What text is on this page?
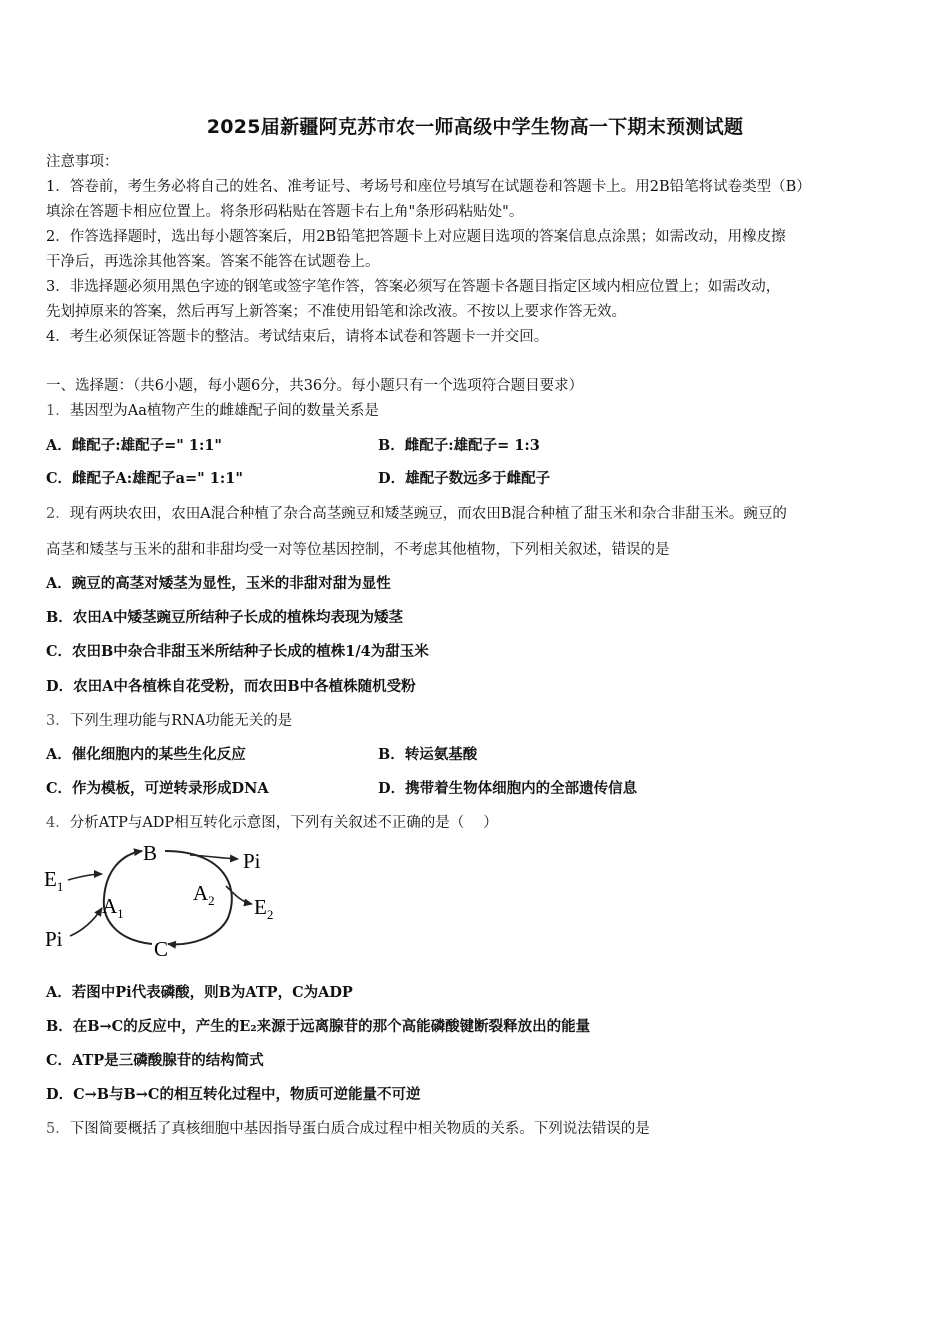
2025届新疆阿克苏市农一师高级中学生物高一下期末预测试题
注意事项：
1．答卷前，考生务必将自己的姓名、准考证号、考场号和座位号填写在试题卷和答题卡上。用2B铅笔将试卷类型（B）
填涂在答题卡相应位置上。将条形码粘贴在答题卡右上角"条形码粘贴处"。
2．作答选择题时，选出每小题答案后，用2B铅笔把答题卡上对应题目选项的答案信息点涂黑；如需改动，用橡皮擦
干净后，再选涂其他答案。答案不能答在试题卷上。
3．非选择题必须用黑色字迹的钢笔或签字笔作答，答案必须写在答题卡各题目指定区域内相应位置上；如需改动，
先划掉原来的答案，然后再写上新答案；不准使用铅笔和涂改液。不按以上要求作答无效。
4．考生必须保证答题卡的整洁。考试结束后，请将本试卷和答题卡一并交回。
一、选择题：（共6小题，每小题6分，共36分。每小题只有一个选项符合题目要求）
1．基因型为Aa植物产生的雌雄配子间的数量关系是
A．雌配子:雄配子=" 1:1"	B．雌配子:雄配子= 1:3
C．雌配子A:雄配子a=" 1:1"	D．雄配子数远多于雌配子
2．现有两块农田，农田A混合种植了杂合高茎豌豆和矮茎豌豆，而农田B混合种植了甜玉米和杂合非甜玉米。豌豆的
高茎和矮茎与玉米的甜和非甜均受一对等位基因控制，不考虑其他植物，下列相关叙述，错误的是
A．豌豆的高茎对矮茎为显性，玉米的非甜对甜为显性
B．农田A中矮茎豌豆所结种子长成的植株均表现为矮茎
C．农田B中杂合非甜玉米所结种子长成的植株1/4为甜玉米
D．农田A中各植株自花受粉，而农田B中各植株随机受粉
3．下列生理功能与RNA功能无关的是
A．催化细胞内的某些生化反应	B．转运氨基酸
C．作为模板，可逆转录形成DNA	D．携带着生物体细胞内的全部遗传信息
4．分析ATP与ADP相互转化示意图，下列有关叙述不正确的是（　 ）
B
C
Pi
Pi
$E_1$
$E_2$
$A_1$
$A_2$
A．若图中Pi代表磷酸，则B为ATP，C为ADP
B．在B→C的反应中，产生的E₂来源于远离腺苷的那个高能磷酸键断裂释放出的能量
C．ATP是三磷酸腺苷的结构简式
D．C→B与B→C的相互转化过程中，物质可逆能量不可逆
5．下图简要概括了真核细胞中基因指导蛋白质合成过程中相关物质的关系。下列说法错误的是
